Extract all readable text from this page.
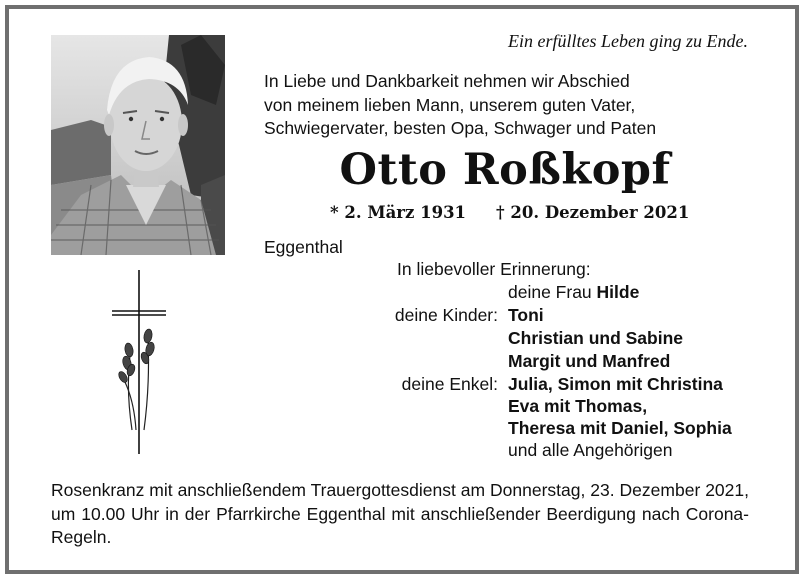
Ein erfülltes Leben ging zu Ende.
In Liebe und Dankbarkeit nehmen wir Abschied
von meinem lieben Mann, unserem guten Vater,
Schwiegervater, besten Opa, Schwager und Paten
Otto Roßkopf
* 2. März 1931 † 20. Dezember 2021
Eggenthal
In liebevoller Erinnerung:
deine Frau Hilde
deine Kinder: Toni
Christian und Sabine
Margit und Manfred
deine Enkel: Julia, Simon mit Christina
Eva mit Thomas,
Theresa mit Daniel, Sophia
und alle Angehörigen
Rosenkranz mit anschließendem Trauergottesdienst am Donnerstag, 23. Dezember 2021, um 10.00 Uhr in der Pfarrkirche Eggenthal mit anschließender Beerdigung nach Corona-Regeln.
